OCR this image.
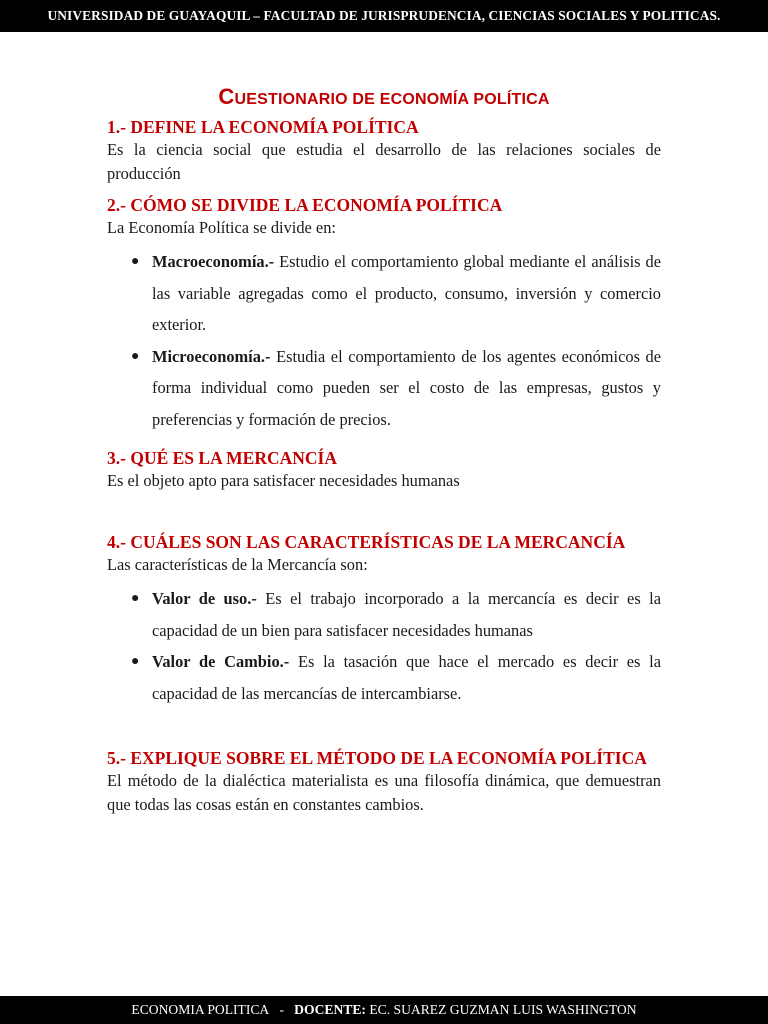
UNIVERSIDAD DE GUAYAQUIL – FACULTAD DE JURISPRUDENCIA, CIENCIAS SOCIALES Y POLITICAS.
CUESTIONARIO DE ECONOMÍA POLÍTICA

1.- DEFINE LA ECONOMÍA POLÍTICA

Es la ciencia social que estudia el desarrollo de las relaciones sociales de producción

2.- CÓMO SE DIVIDE LA ECONOMÍA POLÍTICA

La Economía Política se divide en:

● Macroeconomía.- Estudio el comportamiento global mediante el análisis de las variable agregadas como el producto, consumo, inversión y comercio exterior.
● Microeconomía.- Estudia el comportamiento de los agentes económicos de forma individual como pueden ser el costo de las empresas, gustos y preferencias y formación de precios.

3.- QUÉ ES LA MERCANCÍA

Es el objeto apto para satisfacer necesidades humanas

4.- CUÁLES SON LAS CARACTERÍSTICAS DE LA MERCANCÍA

Las características de la Mercancía son:

● Valor de uso.- Es el trabajo incorporado a la mercancía es decir es la capacidad de un bien para satisfacer necesidades humanas
● Valor de Cambio.- Es la tasación que hace el mercado es decir es la capacidad de las mercancías de intercambiarse.

5.- EXPLIQUE SOBRE EL MÉTODO DE LA ECONOMÍA POLÍTICA

El método de la dialéctica materialista es una filosofía dinámica, que demuestran que todas las cosas están en constantes cambios.

ECONOMIA POLITICA - DOCENTE: EC. SUAREZ GUZMAN LUIS WASHINGTON
